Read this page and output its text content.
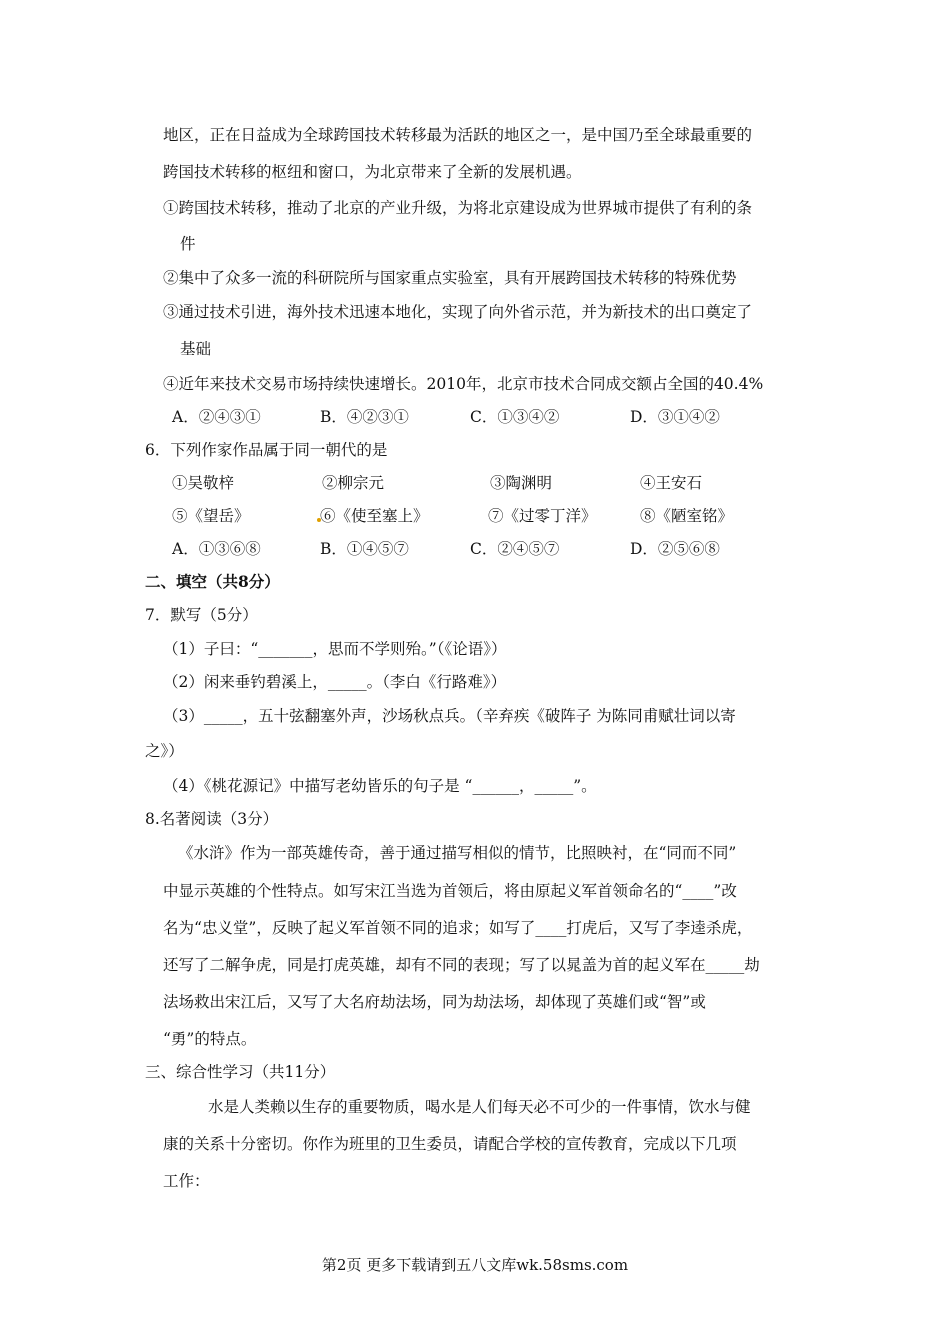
地区，正在日益成为全球跨国技术转移最为活跃的地区之一，是中国乃至全球最重要的
跨国技术转移的枢纽和窗口，为北京带来了全新的发展机遇。
①跨国技术转移，推动了北京的产业升级，为将北京建设成为世界城市提供了有利的条
件
②集中了众多一流的科研院所与国家重点实验室，具有开展跨国技术转移的特殊优势
③通过技术引进，海外技术迅速本地化，实现了向外省示范，并为新技术的出口奠定了
基础
④近年来技术交易市场持续快速增长。2010年，北京市技术合同成交额占全国的40.4%
A．②④③①	B．④②③①	C．①③④②	D．③①④②
6．下列作家作品属于同一朝代的是
①吴敬梓	②柳宗元	③陶渊明	④王安石
⑤《望岳》	⑥《使至塞上》	⑦《过零丁洋》	⑧《陋室铭》
A．①③⑥⑧	B．①④⑤⑦	C．②④⑤⑦	D．②⑤⑥⑧
二、填空（共8分）
7．默写（5分）
（1）子曰：“_______，思而不学则殆。”（《论语》）
（2）闲来垂钓碧溪上，_____。（李白《行路难》）
（3）_____，五十弦翻塞外声，沙场秋点兵。（辛弃疾《破阵子 为陈同甫赋壮词以寄
之》）
（4）《桃花源记》中描写老幼皆乐的句子是 “______，_____”。
8.名著阅读（3分）
《水浒》作为一部英雄传奇，善于通过描写相似的情节，比照映衬，在“同而不同”
中显示英雄的个性特点。如写宋江当选为首领后，将由原起义军首领命名的“____”改
名为“忠义堂”，反映了起义军首领不同的追求；如写了____打虎后，又写了李逵杀虎，
还写了二解争虎，同是打虎英雄，却有不同的表现；写了以晁盖为首的起义军在_____劫
法场救出宋江后，又写了大名府劫法场，同为劫法场，却体现了英雄们或“智”或
“勇”的特点。
三、综合性学习（共11分）
水是人类赖以生存的重要物质，喝水是人们每天必不可少的一件事情，饮水与健
康的关系十分密切。你作为班里的卫生委员，请配合学校的宣传教育，完成以下几项
工作：
第2页 更多下载请到五八文库wk.58sms.com
